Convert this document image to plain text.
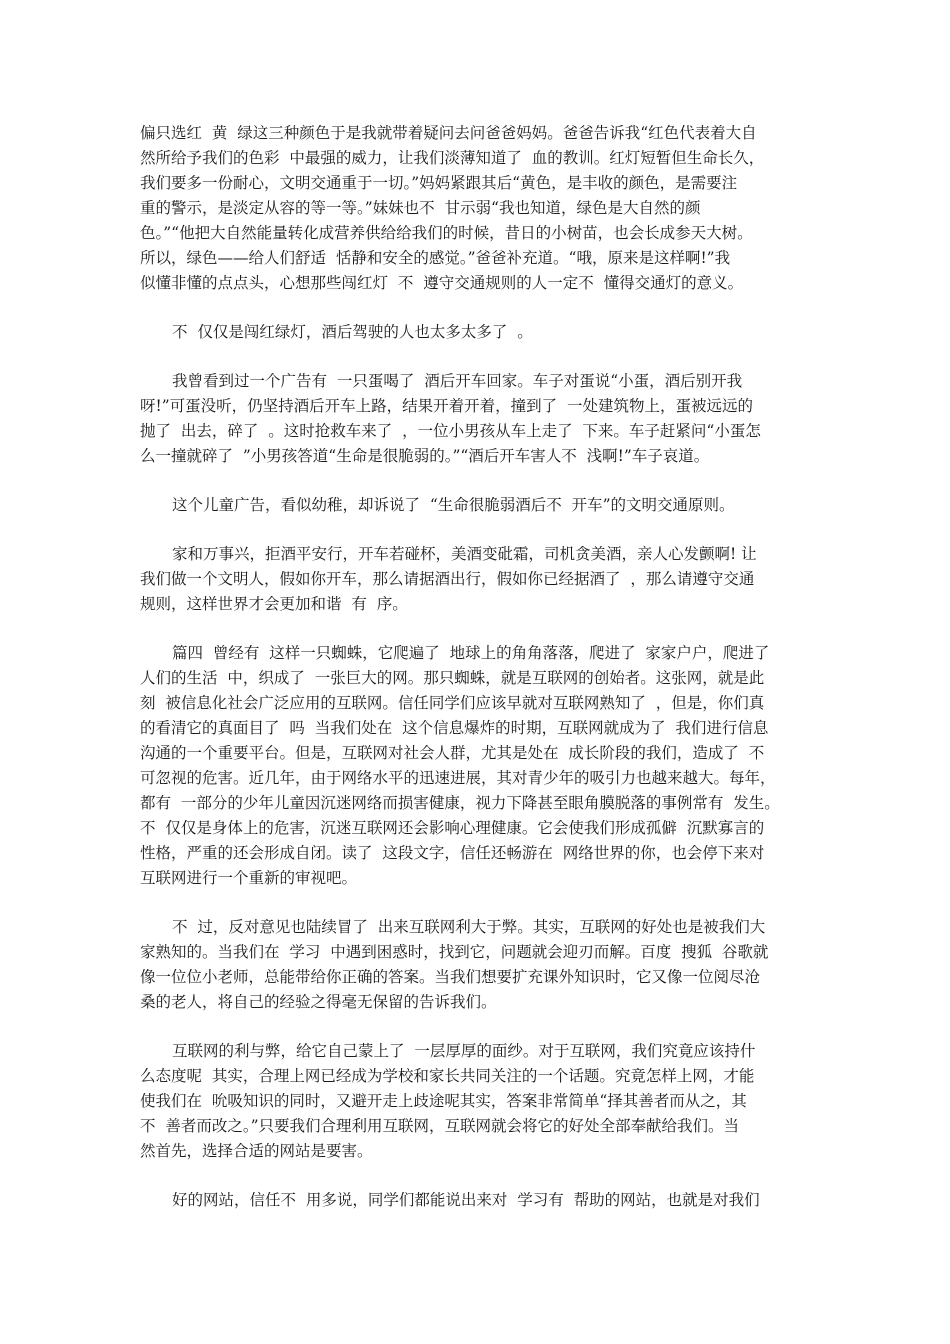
偏只选红  黄  绿这三种颜色于是我就带着疑问去问爸爸妈妈。爸爸告诉我“红色代表着大自
然所给予我们的色彩  中最强的威力，让我们淡薄知道了  血的教训。红灯短暂但生命长久，
我们要多一份耐心，文明交通重于一切。”妈妈紧跟其后“黄色，是丰收的颜色，是需要注
重的警示，是淡定从容的等一等。”妹妹也不  甘示弱“我也知道，绿色是大自然的颜
色。”“他把大自然能量转化成营养供给给我们的时候，昔日的小树苗，也会长成参天大树。
所以，绿色——给人们舒适  恬静和安全的感觉。”爸爸补充道。“哦，原来是这样啊!”我
似懂非懂的点点头，心想那些闯红灯  不  遵守交通规则的人一定不  懂得交通灯的意义。
不  仅仅是闯红绿灯，酒后驾驶的人也太多太多了  。
我曾看到过一个广告有  一只蛋喝了  酒后开车回家。车子对蛋说“小蛋，酒后别开我
呀!”可蛋没听，仍坚持酒后开车上路，结果开着开着，撞到了  一处建筑物上，蛋被远远的
抛了  出去，碎了  。这时抢救车来了  ，一位小男孩从车上走了  下来。车子赶紧问“小蛋怎
么一撞就碎了  ”小男孩答道“生命是很脆弱的。”“酒后开车害人不  浅啊!”车子哀道。
这个儿童广告，看似幼稚，却诉说了  “生命很脆弱酒后不  开车”的文明交通原则。
家和万事兴，拒酒平安行，开车若碰杯，美酒变砒霜，司机贪美酒，亲人心发颤啊! 让
我们做一个文明人，假如你开车，那么请据酒出行，假如你已经据酒了  ，那么请遵守交通
规则，这样世界才会更加和谐  有  序。
篇四  曾经有  这样一只蜘蛛，它爬遍了  地球上的角角落落，爬进了  家家户户，爬进了
人们的生活  中，织成了  一张巨大的网。那只蜘蛛，就是互联网的创始者。这张网，就是此
刻  被信息化社会广泛应用的互联网。信任同学们应该早就对互联网熟知了  ，但是，你们真
的看清它的真面目了  吗  当我们处在  这个信息爆炸的时期，互联网就成为了  我们进行信息
沟通的一个重要平台。但是，互联网对社会人群，尤其是处在  成长阶段的我们，造成了  不
可忽视的危害。近几年，由于网络水平的迅速进展，其对青少年的吸引力也越来越大。每年，
都有  一部分的少年儿童因沉迷网络而损害健康，视力下降甚至眼角膜脱落的事例常有  发生。
不  仅仅是身体上的危害，沉迷互联网还会影响心理健康。它会使我们形成孤僻  沉默寡言的
性格，严重的还会形成自闭。读了  这段文字，信任还畅游在  网络世界的你，也会停下来对
互联网进行一个重新的审视吧。
不  过，反对意见也陆续冒了  出来互联网利大于弊。其实，互联网的好处也是被我们大
家熟知的。当我们在  学习  中遇到困惑时，找到它，问题就会迎刃而解。百度  搜狐  谷歌就
像一位位小老师，总能带给你正确的答案。当我们想要扩充课外知识时，它又像一位阅尽沧
桑的老人，将自己的经验之得毫无保留的告诉我们。
互联网的利与弊，给它自己蒙上了  一层厚厚的面纱。对于互联网，我们究竟应该持什
么态度呢  其实，合理上网已经成为学校和家长共同关注的一个话题。究竟怎样上网，才能
使我们在  吮吸知识的同时，又避开走上歧途呢其实，答案非常简单“择其善者而从之，其
不  善者而改之。”只要我们合理利用互联网，互联网就会将它的好处全部奉献给我们。当
然首先，选择合适的网站是要害。
好的网站，信任不  用多说，同学们都能说出来对  学习有  帮助的网站，也就是对我们
